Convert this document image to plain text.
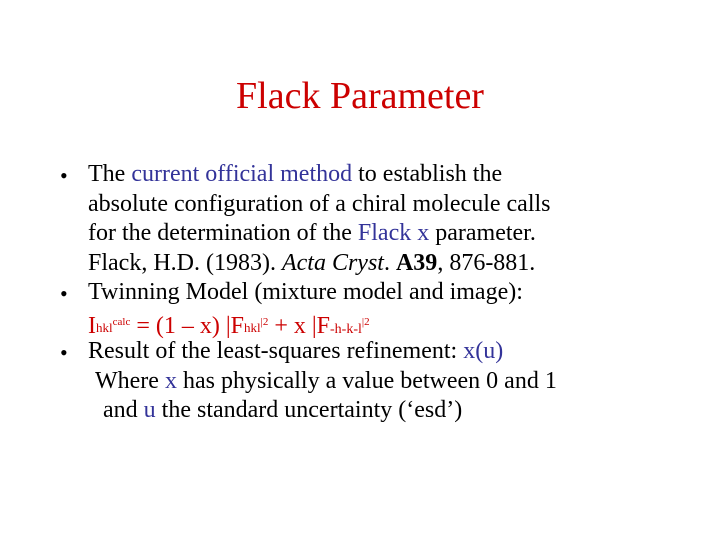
Flack Parameter
• The current official method to establish the
absolute configuration of a chiral molecule calls
for the determination of the Flack x parameter.
Flack, H.D. (1983). Acta Cryst. A39, 876-881.
• Twinning Model (mixture model and image):
Ihkl$^{calc}$ = (1 – x) |Fhkl$^{|2}$ + x $|F-h-k-l^{|2}$
• Result of the least-squares refinement: x(u)
Where x has physically a value between 0 and 1
and u the standard uncertainty (‘esd’)
